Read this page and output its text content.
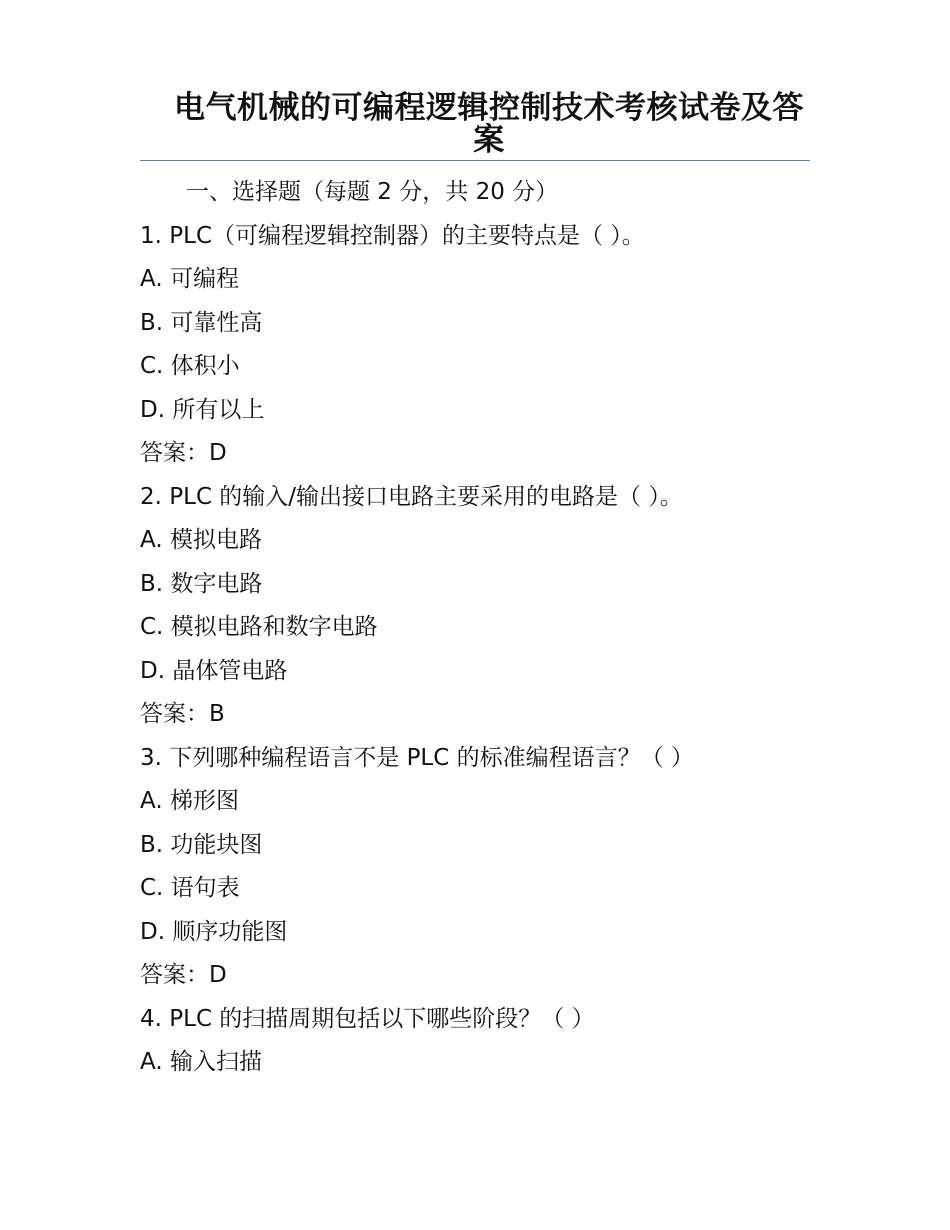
电气机械的可编程逻辑控制技术考核试卷及答案
一、选择题（每题 2 分，共 20 分）
1. PLC（可编程逻辑控制器）的主要特点是（ ）。
A. 可编程
B. 可靠性高
C. 体积小
D. 所有以上
答案：D
2. PLC 的输入/输出接口电路主要采用的电路是（ ）。
A. 模拟电路
B. 数字电路
C. 模拟电路和数字电路
D. 晶体管电路
答案：B
3. 下列哪种编程语言不是 PLC 的标准编程语言？（ ）
A. 梯形图
B. 功能块图
C. 语句表
D. 顺序功能图
答案：D
4. PLC 的扫描周期包括以下哪些阶段？（ ）
A. 输入扫描
